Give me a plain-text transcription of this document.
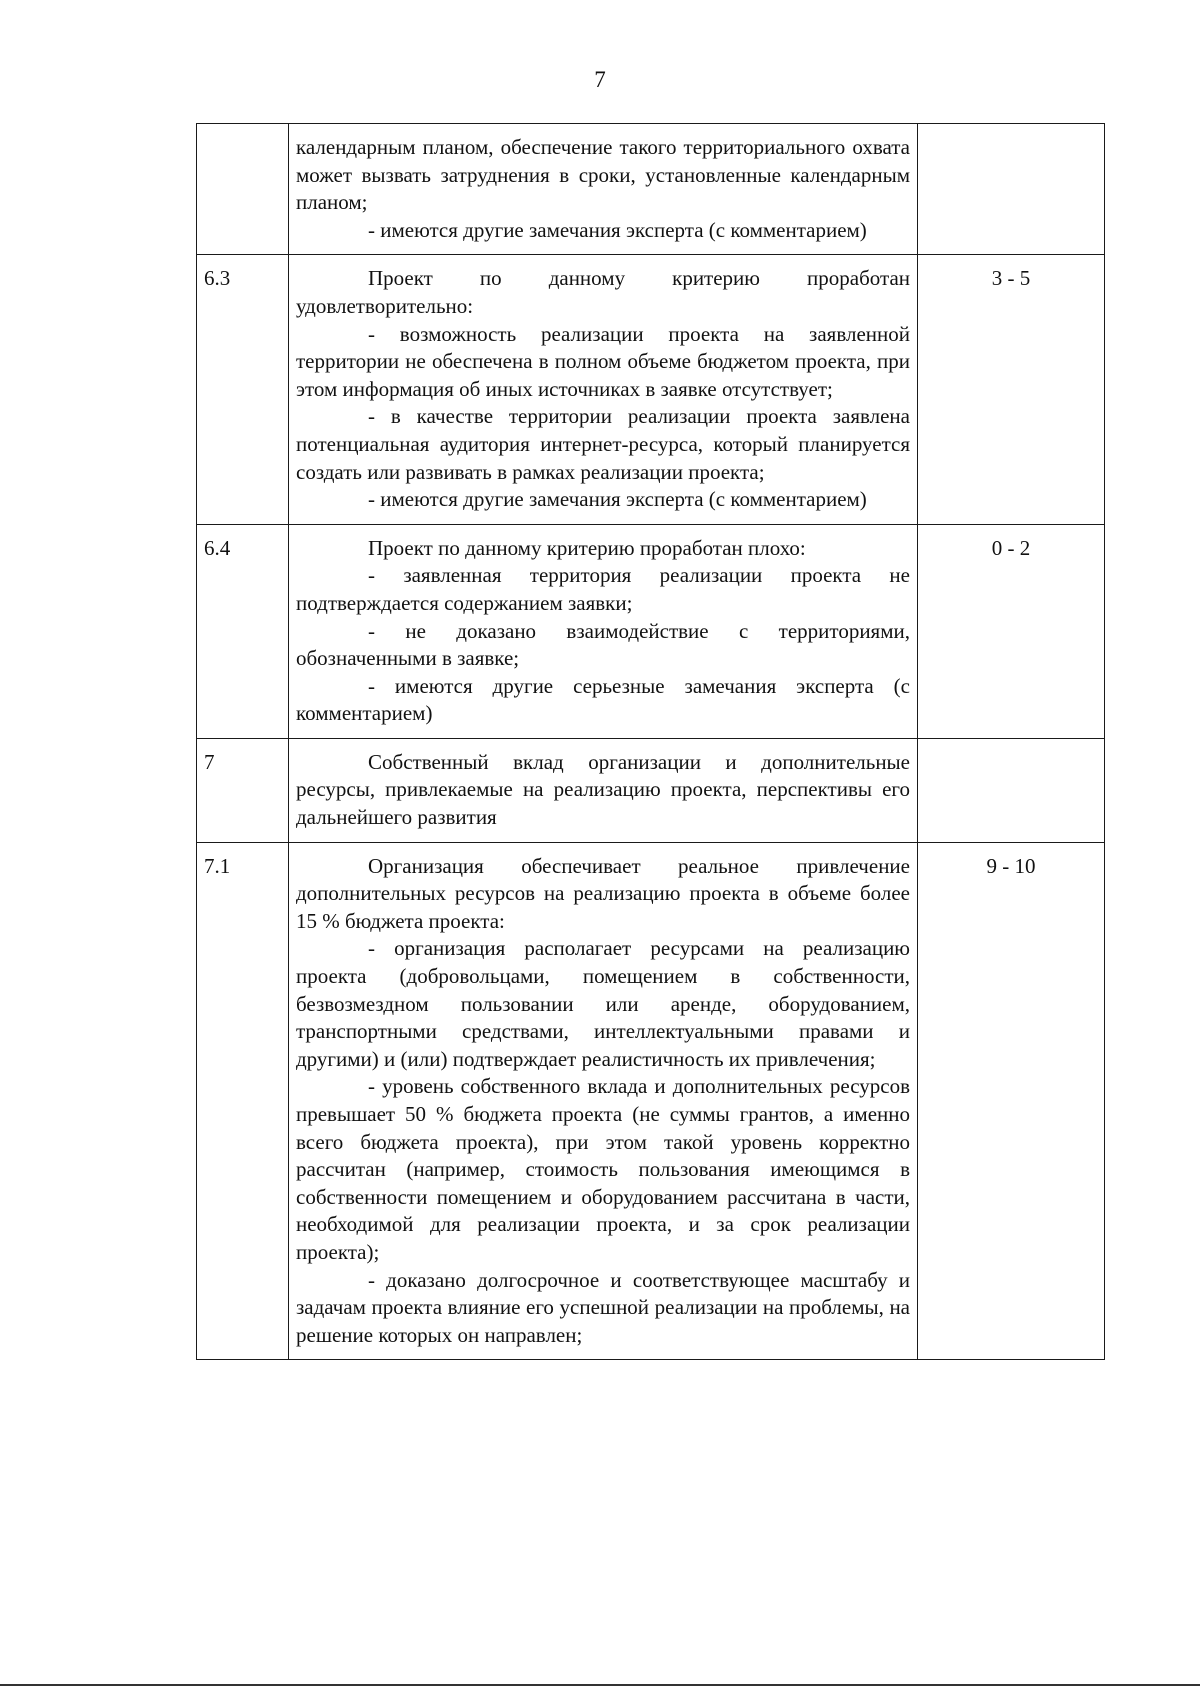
7

	календарным планом, обеспечение такого территориального охвата может вызвать затруднения в сроки, установленные календарным планом;

- имеются другие замечания эксперта (с комментарием)	

6.3	Проект по данному критерию проработан удовлетворительно:

- возможность реализации проекта на заявленной территории не обеспечена в полном объеме бюджетом проекта, при этом информация об иных источниках в заявке отсутствует;

- в качестве территории реализации проекта заявлена потенциальная аудитория интернет-ресурса, который планируется создать или развивать в рамках реализации проекта;

- имеются другие замечания эксперта (с комментарием)	3 - 5
6.4	Проект по данному критерию проработан плохо:

- заявленная территория реализации проекта не подтверждается содержанием заявки;

- не доказано взаимодействие с территориями, обозначенными в заявке;

- имеются другие серьезные замечания эксперта (с комментарием)	0 - 2
7	Собственный вклад организации и дополнительные ресурсы, привлекаемые на реализацию проекта, перспективы его дальнейшего развития	

7.1	Организация обеспечивает реальное привлечение дополнительных ресурсов на реализацию проекта в объеме более 15 % бюджета проекта:

- организация располагает ресурсами на реализацию проекта (добровольцами, помещением в собственности, безвозмездном пользовании или аренде, оборудованием, транспортными средствами, интеллектуальными правами и другими) и (или) подтверждает реалистичность их привлечения;

- уровень собственного вклада и дополнительных ресурсов превышает 50 % бюджета проекта (не суммы грантов, а именно всего бюджета проекта), при этом такой уровень корректно рассчитан (например, стоимость пользования имеющимся в собственности помещением и оборудованием рассчитана в части, необходимой для реализации проекта, и за срок реализации проекта);

- доказано долгосрочное и соответствующее масштабу и задачам проекта влияние его успешной реализации на проблемы, на решение которых он направлен;	9 - 10
